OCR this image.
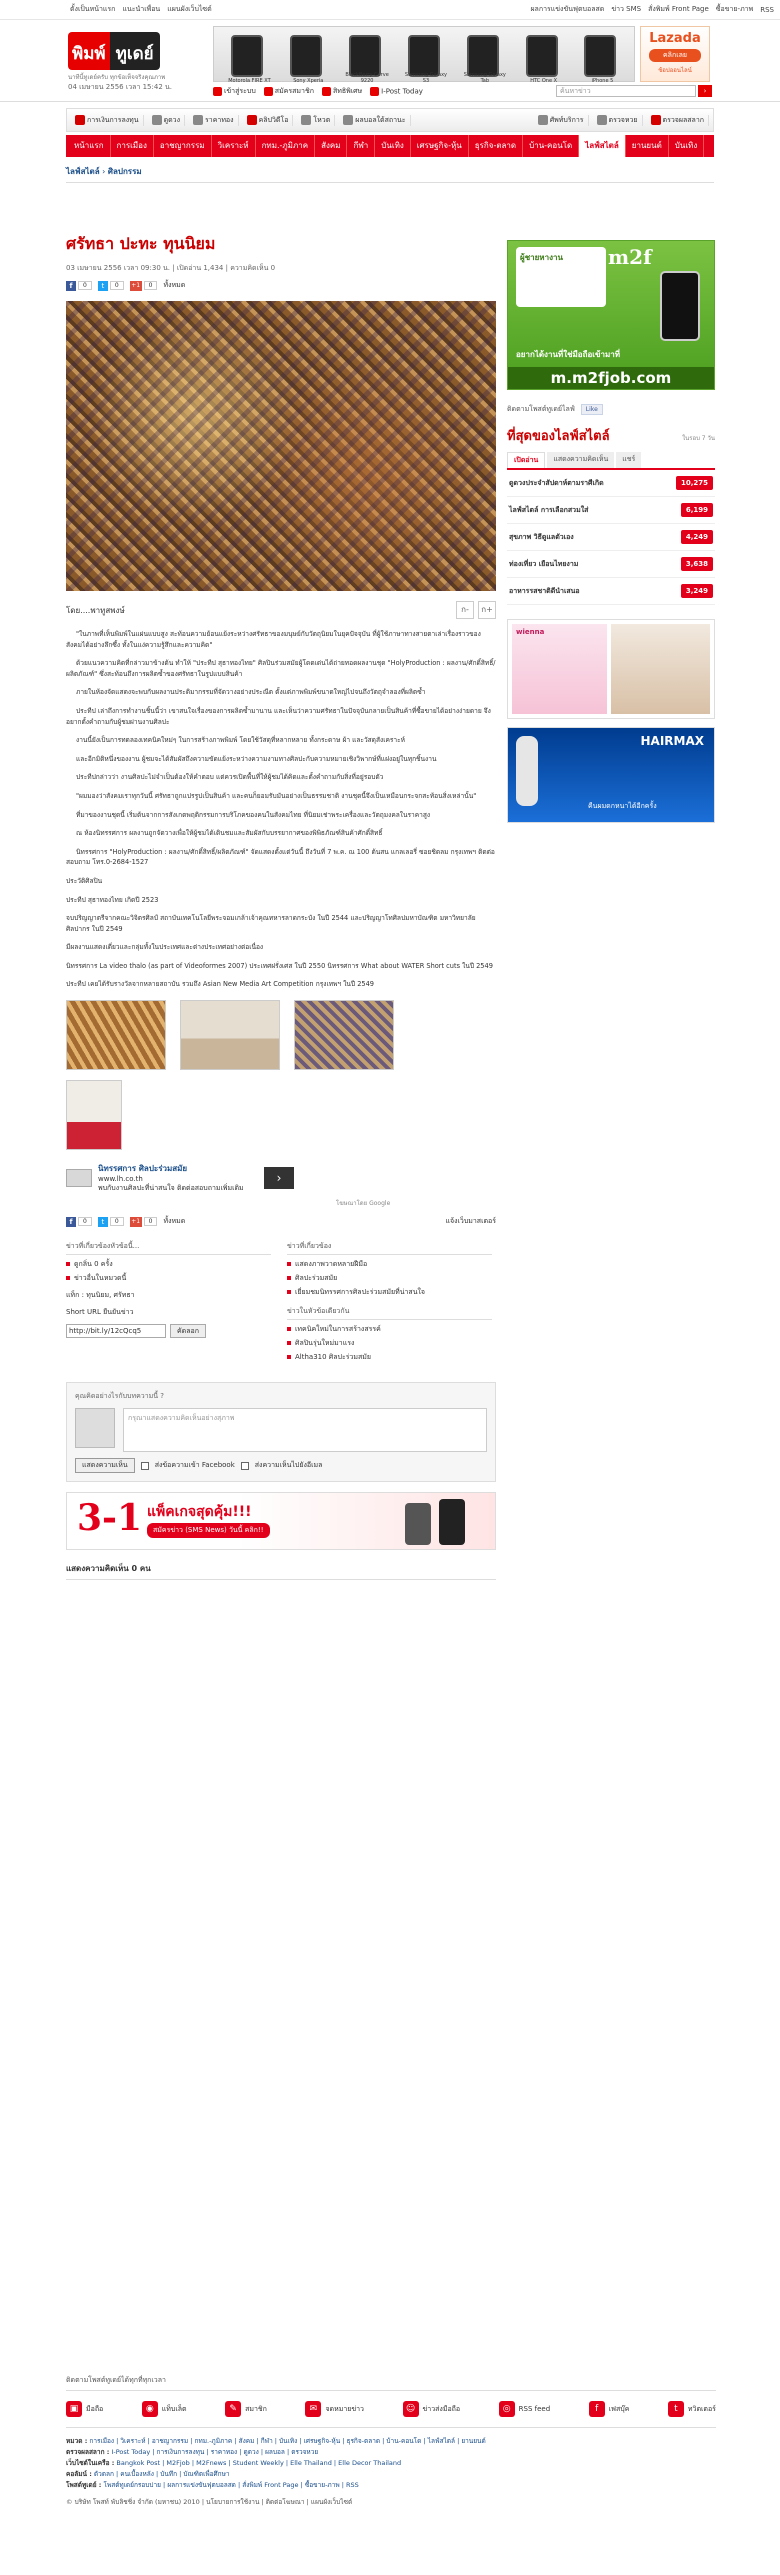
ตั้งเป็นหน้าแรก แนะนำเพื่อน แผนผังเว็บไซต์	ผลการแข่งขันฟุตบอลสด ข่าว SMS สั่งพิมพ์ Front Page ซื้อขาย-ภาพ RSS
พิมพ์ ทูเดย์
นาทีนี้ทูเดย์ครับ ทุกข้อเท็จจริงคุณภาพ
04 เมษายน 2556 เวลา 15:42 น.
Motorola FIRE XT	Sony Xperia
BlackBerry Curve 9220
Samsung Galaxy S3
Samsung Galaxy Tab	HTC One X	iPhone 5
Lazada
คลิกเลย
ช้อปออนไลน์
เข้าสู่ระบบ	สมัครสมาชิก	สิทธิพิเศษ	I-Post Today	ค้นหาข่าว	›
การเงินการลงทุน	ดูดวง	ราคาทอง	คลิปวิดีโอ	โหวต	ผลบอลใต้สถานะ	ศัพท์บริการ	ตรวจหวย	ตรวจผลสลาก
หน้าแรก	การเมือง	อาชญากรรม	วิเคราะห์	กทม.-ภูมิภาค	สังคม	กีฬา	บันเทิง	เศรษฐกิจ-หุ้น	ธุรกิจ-ตลาด	บ้าน-คอนโด	ไลฟ์สไตล์	ยานยนต์	บันเทิง
ไลฟ์สไตล์ › ศิลปกรรม
ศรัทธา ปะทะ ทุนนิยม
03 เมษายน 2556 เวลา 09:30 น. | เปิดอ่าน 1,434 | ความคิดเห็น 0
f	0	t	0	+1	0	ทั้งหมด
โดย....พาทูสพงษ์	ก-	ก+

"ในภาพที่เห็นพิมพ์ในแผ่นแบบสูง สะท้อนความย้อนแย้งระหว่างศรัทธาของมนุษย์กับวัตถุนิยมในยุคปัจจุบัน ที่ผู้ใช้ภาษาทางสายตาเล่าเรื่องราวของสังคมได้อย่างลึกซึ้ง ทั้งในแง่ความรู้สึกและความคิด"

ด้วยแนวความคิดที่กล่าวมาข้างต้น ทำให้ "ประทีป สุธาทองไทย" ศิลปินร่วมสมัยผู้โดดเด่นได้ถ่ายทอดผลงานชุด "HolyProduction : ผลงาน/ศักดิ์สิทธิ์/ผลิตภัณฑ์" ซึ่งสะท้อนถึงการผลิตซ้ำของศรัทธาในรูปแบบสินค้า

ภายในห้องจัดแสดงจะพบกับผลงานประติมากรรมที่จัดวางอย่างประณีต ตั้งแต่ภาพพิมพ์ขนาดใหญ่ไปจนถึงวัตถุจำลองที่ผลิตซ้ำ

ประทีป เล่าถึงการทำงานชิ้นนี้ว่า เขาสนใจเรื่องของการผลิตซ้ำมานาน และเห็นว่าความศรัทธาในปัจจุบันกลายเป็นสินค้าที่ซื้อขายได้อย่างง่ายดาย จึงอยากตั้งคำถามกับผู้ชมผ่านงานศิลปะ

งานนี้ยังเป็นการทดลองเทคนิคใหม่ๆ ในการสร้างภาพพิมพ์ โดยใช้วัสดุที่หลากหลาย ทั้งกระดาษ ผ้า และวัสดุสังเคราะห์

และอีกมิติหนึ่งของงาน ผู้ชมจะได้สัมผัสถึงความขัดแย้งระหว่างความงามทางศิลปะกับความหมายเชิงวิพากษ์ที่แฝงอยู่ในทุกชิ้นงาน

ประทีปกล่าวว่า งานศิลปะไม่จำเป็นต้องให้คำตอบ แต่ควรเปิดพื้นที่ให้ผู้ชมได้คิดและตั้งคำถามกับสิ่งที่อยู่รอบตัว

"ผมมองว่าสังคมเราทุกวันนี้ ศรัทธาถูกแปรรูปเป็นสินค้า และคนก็ยอมรับมันอย่างเป็นธรรมชาติ งานชุดนี้จึงเป็นเหมือนกระจกสะท้อนสิ่งเหล่านั้น"

ที่มาของงานชุดนี้ เริ่มต้นจากการสังเกตพฤติกรรมการบริโภคของคนในสังคมไทย ที่นิยมเช่าพระเครื่องและวัตถุมงคลในราคาสูง

ณ ห้องนิทรรศการ ผลงานถูกจัดวางเพื่อให้ผู้ชมได้เดินชมและสัมผัสกับบรรยากาศของพิพิธภัณฑ์สินค้าศักดิ์สิทธิ์

นิทรรศการ "HolyProduction : ผลงาน/ศักดิ์สิทธิ์/ผลิตภัณฑ์" จัดแสดงตั้งแต่วันนี้ ถึงวันที่ 7 พ.ค. ณ 100 ต้นสน แกลเลอรี่ ซอยชิดลม กรุงเทพฯ ติดต่อสอบถาม โทร.0-2684-1527

ประวัติศิลปิน

ประทีป สุธาทองไทย เกิดปี 2523

จบปริญญาตรีจากคณะวิจิตรศิลป์ สถาบันเทคโนโลยีพระจอมเกล้าเจ้าคุณทหารลาดกระบัง ในปี 2544 และปริญญาโทศิลปมหาบัณฑิต มหาวิทยาลัยศิลปากร ในปี 2549

มีผลงานแสดงเดี่ยวและกลุ่มทั้งในประเทศและต่างประเทศอย่างต่อเนื่อง

นิทรรศการ La video thalo (as part of Videoformes 2007) ประเทศฝรั่งเศส ในปี 2550 นิทรรศการ What about WATER Short cuts ในปี 2549

ประทีป เคยได้รับรางวัลจากหลายสถาบัน รวมถึง Asian New Media Art Competition กรุงเทพฯ ในปี 2549

นิทรรศการ ศิลปะร่วมสมัย
www.lh.co.th
พบกับงานศิลปะที่น่าสนใจ ติดต่อสอบถามเพิ่มเติม
›
โฆษณาโดย Google
f	0	t	0	+1	0	ทั้งหมด	แจ้งเว็บมาสเตอร์
ข่าวที่เกี่ยวข้องหัวข้อนี้...
ดูกลิ่น 0 ครั้ง
ข่าวอื่นในหมวดนี้
แท็ก : ทุนนิยม, ศรัทธา
Short URL ยืนยันข่าว
http://bit.ly/12cQcq5	คัดลอก
ข่าวที่เกี่ยวข้อง
แสดงภาพวาดหลายฝีมือ
ศิลปะร่วมสมัย
เยี่ยมชมนิทรรศการศิลปะร่วมสมัยที่น่าสนใจ
ข่าวในหัวข้อเดียวกัน
เทคนิคใหม่ในการสร้างสรรค์
ศิลปินรุ่นใหม่มาแรง
Altha310 ศิลปะร่วมสมัย
คุณคิดอย่างไรกับบทความนี้ ?
กรุณาแสดงความคิดเห็นอย่างสุภาพ
แสดงความเห็น	ส่งข้อความเข้า Facebook	ส่งความเห็นไปยังอีเมล
3-1 แพ็คเกจสุดคุ้ม!!!
สมัครข่าว (SMS News) วันนี้ คลิก!!
แสดงความคิดเห็น 0 คน
ผู้ชายหางาน	m2f
อยากได้งานที่ใช่มือถือเข้ามาที่
m.m2fjob.com
ติดตามโพสต์ทูเดย์ไลฟ์	Like
ที่สุดของไลฟ์สไตล์	ในรอบ 7 วัน
เปิดอ่าน	แสดงความคิดเห็น	แชร์
ดูดวงประจำสัปดาห์ตามราศีเกิด	10,275
ไลฟ์สไตล์ การเลือกสวมใส่	6,199
สุขภาพ วิธีดูแลตัวเอง	4,249
ท่องเที่ยว เยือนไทยงาม	3,638
อาหารรสชาติดีนำเสนอ	3,249
wienna
HAIRMAX
คืนผมดกหนาได้อีกครั้ง
ติดตามโพสต์ทูเดย์ได้ทุกที่ทุกเวลา
▣	มือถือ	◉	แท็บเล็ต	✎	สมาชิก	✉	จดหมายข่าว	☺	ข่าวส่งมือถือ	◎	RSS feed	f	เฟสบุ๊ค	t	ทวิตเตอร์
หมวด : การเมือง | วิเคราะห์ | อาชญากรรม | กทม.-ภูมิภาค | สังคม | กีฬา | บันเทิง | เศรษฐกิจ-หุ้น | ธุรกิจ-ตลาด | บ้าน-คอนโด | ไลฟ์สไตล์ | ยานยนต์
ตรวจผลสลาก : I-Post Today | การเงินการลงทุน | ราคาทอง | ดูดวง | ผลบอล | ตรวจหวย
เว็บไซต์ในเครือ : Bangkok Post | M2Fjob | M2Fnews | Student Weekly | Elle Thailand | Elle Decor Thailand
คอลัมน์ : ตัวตลก | คนเบื้องหลัง | บันทึก | บัณฑิตเพื่อศึกษา
โพสต์ทูเดย์ : โพสต์ทูเดย์กรอบบ่าย | ผลการแข่งขันฟุตบอลสด | สั่งพิมพ์ Front Page | ซื้อขาย-ภาพ | RSS
© บริษัท โพสท์ พับลิชชิ่ง จำกัด (มหาชน) 2010 | นโยบายการใช้งาน | ติดต่อโฆษณา | แผนผังเว็บไซต์
